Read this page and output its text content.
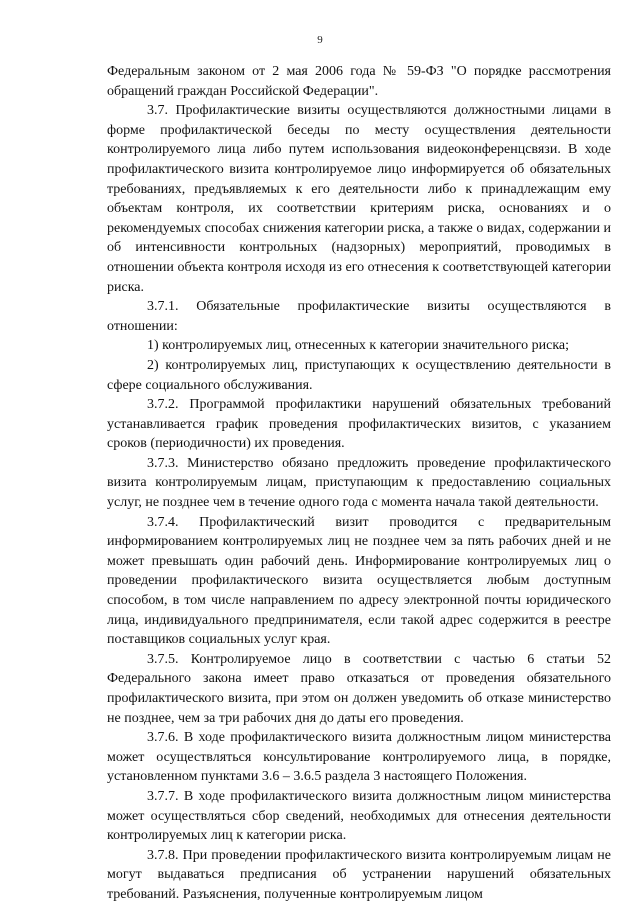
9

Федеральным законом от 2 мая 2006 года № 59-ФЗ "О порядке рассмотрения обращений граждан Российской Федерации".

3.7. Профилактические визиты осуществляются должностными лицами в форме профилактической беседы по месту осуществления деятельности контролируемого лица либо путем использования видеоконференцсвязи. В ходе профилактического визита контролируемое лицо информируется об обязательных требованиях, предъявляемых к его деятельности либо к принадлежащим ему объектам контроля, их соответствии критериям риска, основаниях и о рекомендуемых способах снижения категории риска, а также о видах, содержании и об интенсивности контрольных (надзорных) мероприятий, проводимых в отношении объекта контроля исходя из его отнесения к соответствующей категории риска.

3.7.1. Обязательные профилактические визиты осуществляются в отношении:

1) контролируемых лиц, отнесенных к категории значительного риска;

2) контролируемых лиц, приступающих к осуществлению деятельности в сфере социального обслуживания.

3.7.2. Программой профилактики нарушений обязательных требований устанавливается график проведения профилактических визитов, с указанием сроков (периодичности) их проведения.

3.7.3. Министерство обязано предложить проведение профилактического визита контролируемым лицам, приступающим к предоставлению социальных услуг, не позднее чем в течение одного года с момента начала такой деятельности.

3.7.4. Профилактический визит проводится с предварительным информированием контролируемых лиц не позднее чем за пять рабочих дней и не может превышать один рабочий день. Информирование контролируемых лиц о проведении профилактического визита осуществляется любым доступным способом, в том числе направлением по адресу электронной почты юридического лица, индивидуального предпринимателя, если такой адрес содержится в реестре поставщиков социальных услуг края.

3.7.5. Контролируемое лицо в соответствии с частью 6 статьи 52 Федерального закона имеет право отказаться от проведения обязательного профилактического визита, при этом он должен уведомить об отказе министерство не позднее, чем за три рабочих дня до даты его проведения.

3.7.6. В ходе профилактического визита должностным лицом министерства может осуществляться консультирование контролируемого лица, в порядке, установленном пунктами 3.6 – 3.6.5 раздела 3 настоящего Положения.

3.7.7. В ходе профилактического визита должностным лицом министерства может осуществляться сбор сведений, необходимых для отнесения деятельности контролируемых лиц к категории риска.

3.7.8. При проведении профилактического визита контролируемым лицам не могут выдаваться предписания об устранении нарушений обязательных требований. Разъяснения, полученные контролируемым лицом
